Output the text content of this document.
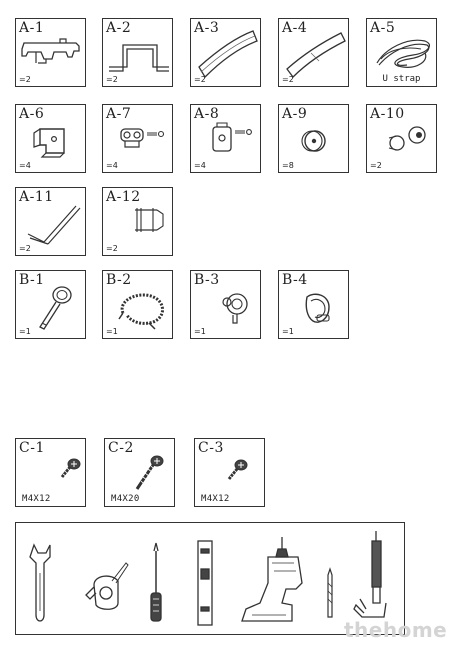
A-1
=2
A-2
=2
A-3
=2
A-4
=2
A-5
U strap
A-6
=4
A-7
=4
A-8
=4
A-9
=8
A-10
=2
A-11
=2
A-12
=2
B-1
=1
B-2
=1
B-3
=1
B-4
=1
C-1
M4X12
C-2
M4X20
C-3
M4X12
thehome
